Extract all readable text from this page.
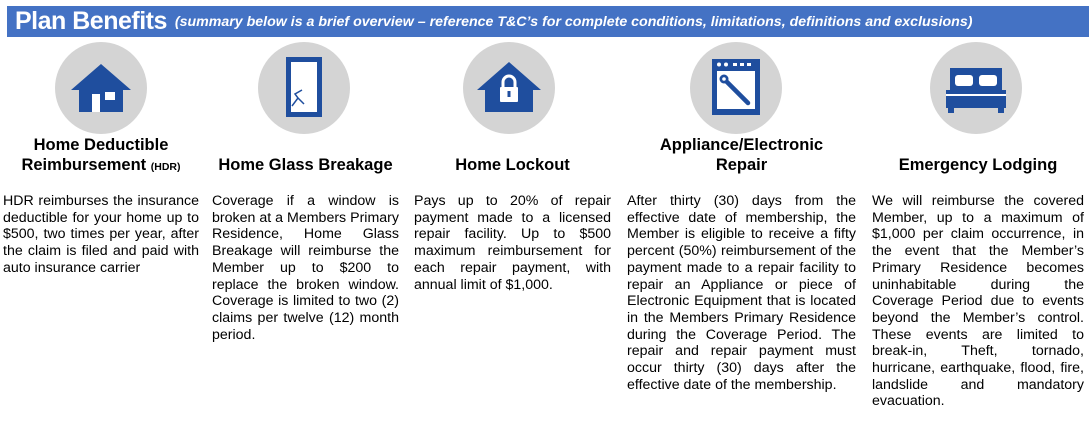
Plan Benefits (summary below is a brief overview – reference T&C’s for complete conditions, limitations, definitions and exclusions)
Home Deductible Reimbursement (HDR)
HDR reimburses the insurance deductible for your home up to $500, two times per year, after the claim is filed and paid with auto insurance carrier
Home Glass Breakage
Coverage if a window is broken at a Members Primary Residence, Home Glass Breakage will reimburse the Member up to $200 to replace the broken window. Coverage is limited to two (2) claims per twelve (12) month period.
Home Lockout
Pays up to 20% of repair payment made to a licensed repair facility. Up to $500 maximum reimbursement for each repair payment, with annual limit of $1,000.
Appliance/Electronic Repair
After thirty (30) days from the effective date of membership, the Member is eligible to receive a fifty percent (50%) reimbursement of the payment made to a repair facility to repair an Appliance or piece of Electronic Equipment that is located in the Members Primary Residence during the Coverage Period. The repair and repair payment must occur thirty (30) days after the effective date of the membership.
Emergency Lodging
We will reimburse the covered Member, up to a maximum of $1,000 per claim occurrence, in the event that the Member’s Primary Residence becomes uninhabitable during the Coverage Period due to events beyond the Member’s control. These events are limited to break-in, Theft, tornado, hurricane, earthquake, flood, fire, landslide and mandatory evacuation.
